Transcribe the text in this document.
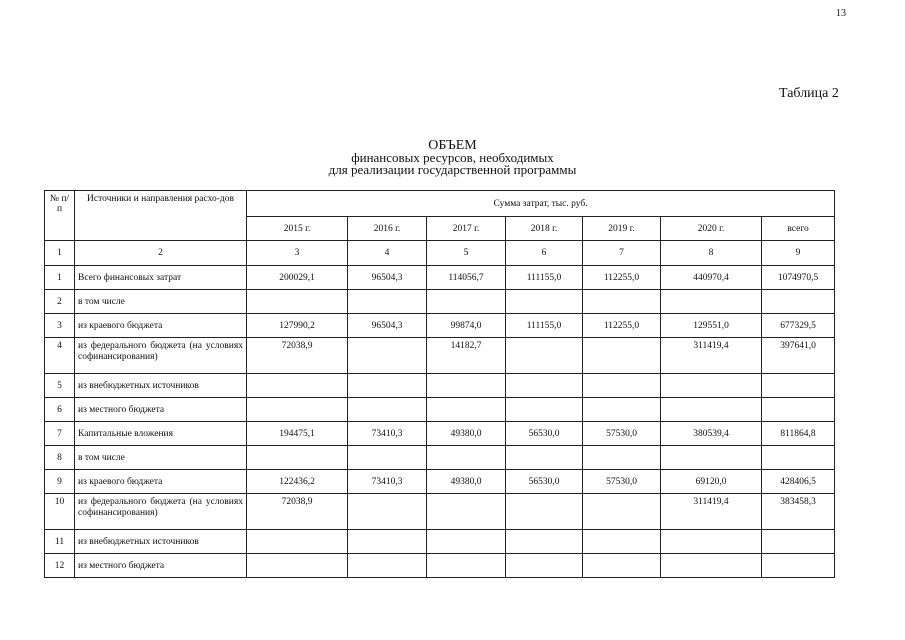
13
Таблица 2
ОБЪЕМ
финансовых ресурсов, необходимых
для реализации государственной программы
№ п/п	Источники и направления расхо-дов	Сумма затрат, тыс. руб.						
		2015 г.	2016 г.	2017 г.	2018 г.	2019 г.	2020 г.	всего
1	2	3	4	5	6	7	8	9
1	Всего финансовых затрат	200029,1	96504,3	114056,7	111155,0	112255,0	440970,4	1074970,5
2	в том числе							
3	из краевого бюджета	127990,2	96504,3	99874,0	111155,0	112255,0	129551,0	677329,5
4	из федерального бюджета (на условиях софинансирования)	72038,9		14182,7			311419,4	397641,0
5	из внебюджетных источников							
6	из местного бюджета							
7	Капитальные вложения	194475,1	73410,3	49380,0	56530,0	57530,0	380539,4	811864,8
8	в том числе							
9	из краевого бюджета	122436,2	73410,3	49380,0	56530,0	57530,0	69120,0	428406,5
10	из федерального бюджета (на условиях софинансирования)	72038,9					311419,4	383458,3
11	из внебюджетных источников							
12	из местного бюджета							
